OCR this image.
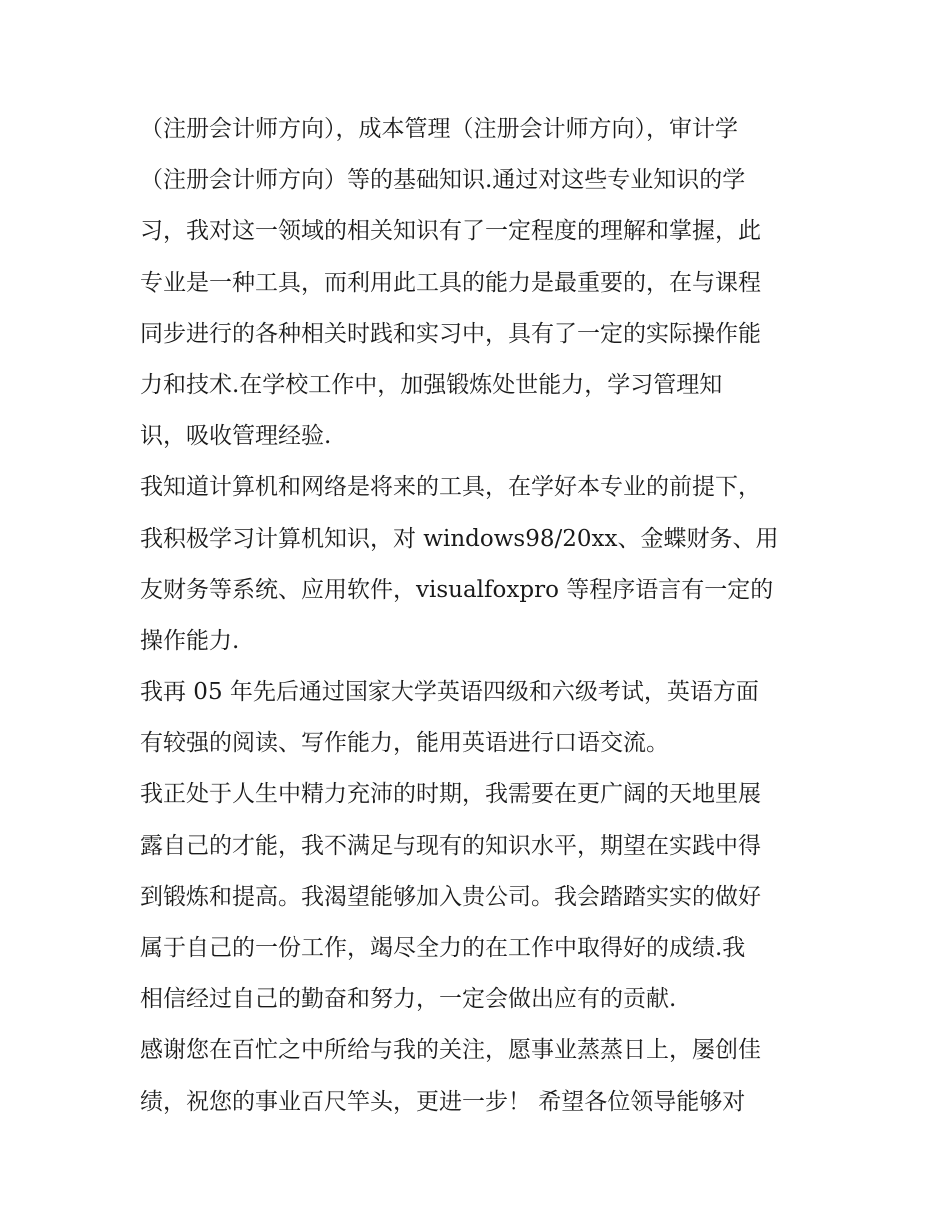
（注册会计师方向），成本管理（注册会计师方向），审计学
（注册会计师方向）等的基础知识.通过对这些专业知识的学
习，我对这一领域的相关知识有了一定程度的理解和掌握，此
专业是一种工具，而利用此工具的能力是最重要的，在与课程
同步进行的各种相关时践和实习中，具有了一定的实际操作能
力和技术.在学校工作中，加强锻炼处世能力，学习管理知
识，吸收管理经验.
我知道计算机和网络是将来的工具，在学好本专业的前提下，
我积极学习计算机知识，对 windows98/20xx、金蝶财务、用
友财务等系统、应用软件，visualfoxpro 等程序语言有一定的
操作能力.
我再 05 年先后通过国家大学英语四级和六级考试，英语方面
有较强的阅读、写作能力，能用英语进行口语交流。
我正处于人生中精力充沛的时期，我需要在更广阔的天地里展
露自己的才能，我不满足与现有的知识水平，期望在实践中得
到锻炼和提高。我渴望能够加入贵公司。我会踏踏实实的做好
属于自己的一份工作，竭尽全力的在工作中取得好的成绩.我
相信经过自己的勤奋和努力，一定会做出应有的贡献.
感谢您在百忙之中所给与我的关注，愿事业蒸蒸日上，屡创佳
绩，祝您的事业百尺竿头，更进一步！ 希望各位领导能够对
